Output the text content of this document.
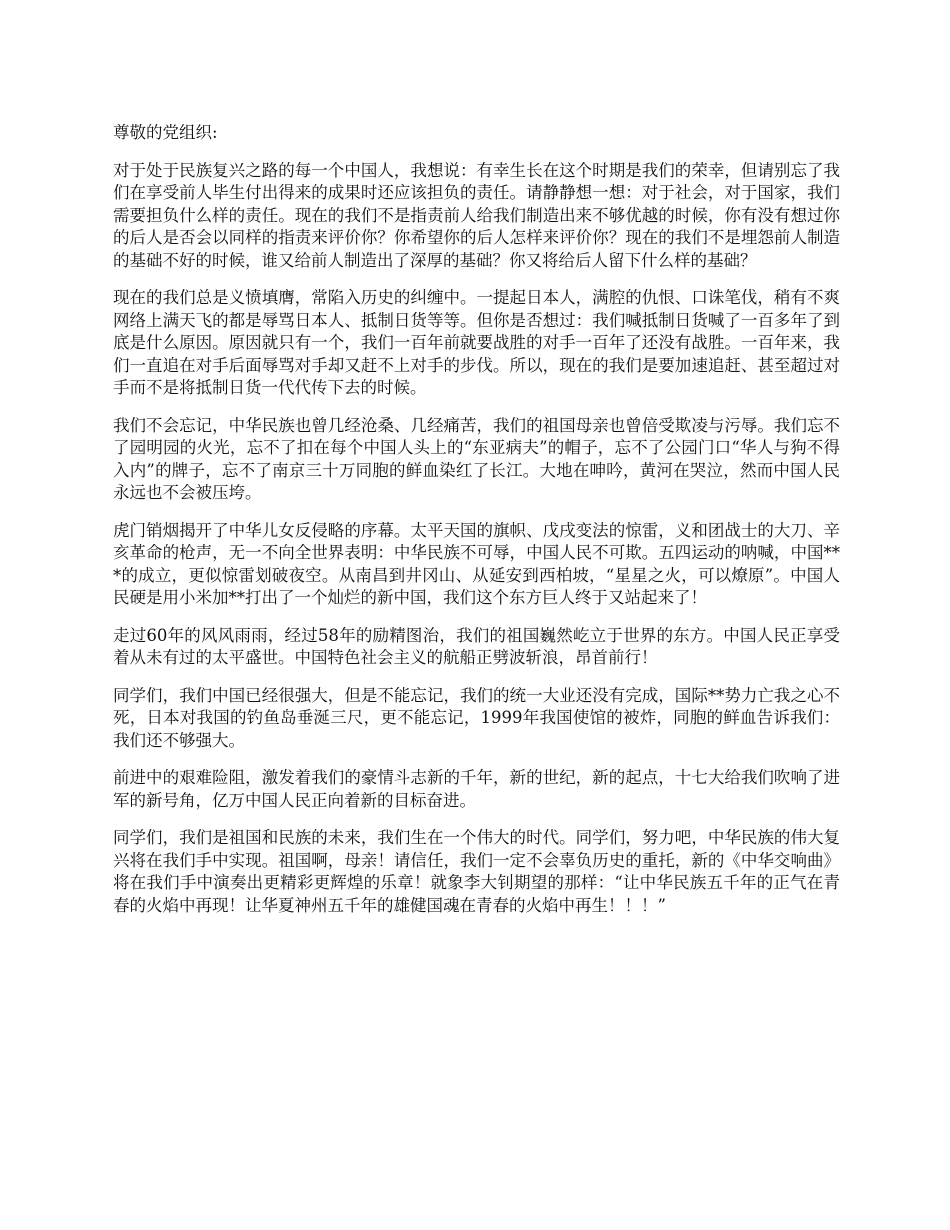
尊敬的党组织:

对于处于民族复兴之路的每一个中国人，我想说：有幸生长在这个时期是我们的荣幸，但请别忘了我们在享受前人毕生付出得来的成果时还应该担负的责任。请静静想一想：对于社会，对于国家，我们需要担负什么样的责任。现在的我们不是指责前人给我们制造出来不够优越的时候，你有没有想过你的后人是否会以同样的指责来评价你？你希望你的后人怎样来评价你？现在的我们不是埋怨前人制造的基础不好的时候，谁又给前人制造出了深厚的基础？你又将给后人留下什么样的基础？

现在的我们总是义愤填膺，常陷入历史的纠缠中。一提起日本人，满腔的仇恨、口诛笔伐，稍有不爽网络上满天飞的都是辱骂日本人、抵制日货等等。但你是否想过：我们喊抵制日货喊了一百多年了到底是什么原因。原因就只有一个，我们一百年前就要战胜的对手一百年了还没有战胜。一百年来，我们一直追在对手后面辱骂对手却又赶不上对手的步伐。所以，现在的我们是要加速追赶、甚至超过对手而不是将抵制日货一代代传下去的时候。

我们不会忘记，中华民族也曾几经沧桑、几经痛苦，我们的祖国母亲也曾倍受欺凌与污辱。我们忘不了园明园的火光，忘不了扣在每个中国人头上的“东亚病夫”的帽子，忘不了公园门口“华人与狗不得入内”的牌子，忘不了南京三十万同胞的鲜血染红了长江。大地在呻吟，黄河在哭泣，然而中国人民永远也不会被压垮。

虎门销烟揭开了中华儿女反侵略的序幕。太平天国的旗帜、戊戌变法的惊雷，义和团战士的大刀、辛亥革命的枪声，无一不向全世界表明：中华民族不可辱，中国人民不可欺。五四运动的呐喊，中国***的成立，更似惊雷划破夜空。从南昌到井冈山、从延安到西柏坡，“星星之火，可以燎原”。中国人民硬是用小米加**打出了一个灿烂的新中国，我们这个东方巨人终于又站起来了！

走过60年的风风雨雨，经过58年的励精图治，我们的祖国巍然屹立于世界的东方。中国人民正享受着从未有过的太平盛世。中国特色社会主义的航船正劈波斩浪，昂首前行！

同学们，我们中国已经很强大，但是不能忘记，我们的统一大业还没有完成，国际**势力亡我之心不死，日本对我国的钓鱼岛垂涎三尺，更不能忘记，1999年我国使馆的被炸，同胞的鲜血告诉我们：我们还不够强大。

前进中的艰难险阻，激发着我们的豪情斗志新的千年，新的世纪，新的起点，十七大给我们吹响了进军的新号角，亿万中国人民正向着新的目标奋进。

同学们，我们是祖国和民族的未来，我们生在一个伟大的时代。同学们，努力吧，中华民族的伟大复兴将在我们手中实现。祖国啊，母亲！请信任，我们一定不会辜负历史的重托，新的《中华交响曲》将在我们手中演奏出更精彩更辉煌的乐章！就象李大钊期望的那样：“让中华民族五千年的正气在青春的火焰中再现！让华夏神州五千年的雄健国魂在青春的火焰中再生！！！”
